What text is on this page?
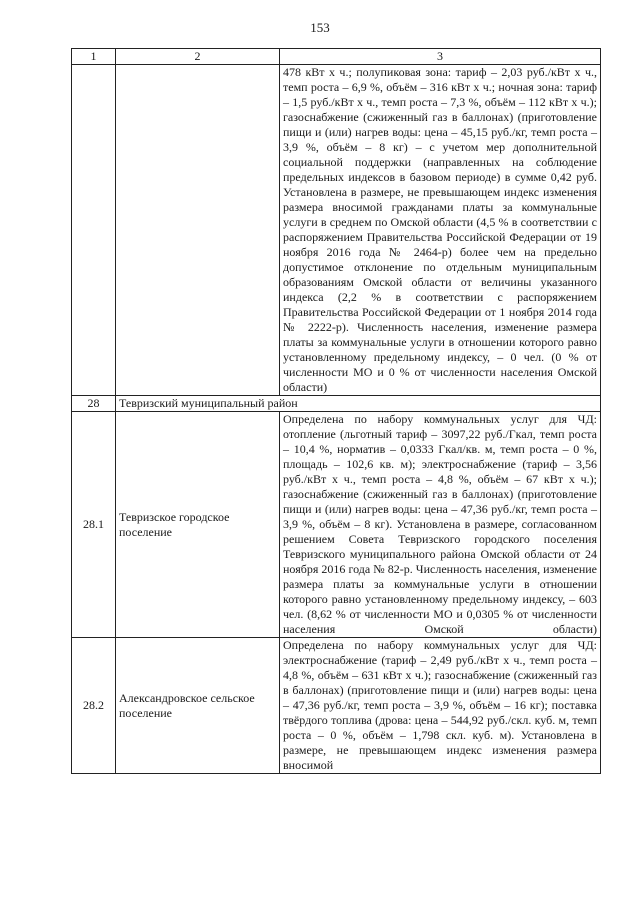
153
1	2	3
		478 кВт х ч.; полупиковая зона: тариф – 2,03 руб./кВт х ч., темп роста – 6,9 %, объём – 316 кВт х ч.; ночная зона: тариф – 1,5 руб./кВт х ч., темп роста – 7,3 %, объём – 112 кВт х ч.); газоснабжение (сжиженный газ в баллонах) (приготовление пищи и (или) нагрев воды: цена – 45,15 руб./кг, темп роста – 3,9 %, объём – 8 кг) – с учетом мер дополнительной социальной поддержки (направленных на соблюдение предельных индексов в базовом периоде) в сумме 0,42 руб. Установлена в размере, не превышающем индекс изменения размера вносимой гражданами платы за коммунальные услуги в среднем по Омской области (4,5 % в соответствии с распоряжением Правительства Российской Федерации от 19 ноября 2016 года № 2464-р) более чем на предельно допустимое отклонение по отдельным муниципальным образованиям Омской области от величины указанного индекса (2,2 % в соответствии с распоряжением Правительства Российской Федерации от 1 ноября 2014 года № 2222-р). Численность населения, изменение размера платы за коммунальные услуги в отношении которого равно установленному предельному индексу, – 0 чел. (0 % от численности МО и 0 % от численности населения Омской области)
28	Тевризский муниципальный район	
28.1	Тевризское городское поселение	Определена по набору коммунальных услуг для ЧД: отопление (льготный тариф – 3097,22 руб./Гкал, темп роста – 10,4 %, норматив – 0,0333 Гкал/кв. м, темп роста – 0 %, площадь – 102,6 кв. м); электроснабжение (тариф – 3,56 руб./кВт х ч., темп роста – 4,8 %, объём – 67 кВт х ч.); газоснабжение (сжиженный газ в баллонах) (приготовление пищи и (или) нагрев воды: цена – 47,36 руб./кг, темп роста – 3,9 %, объём – 8 кг). Установлена в размере, согласованном решением Совета Тевризского городского поселения Тевризского муниципального района Омской области от 24 ноября 2016 года № 82-р. Численность населения, изменение размера платы за коммунальные услуги в отношении которого равно установленному предельному индексу, – 603 чел. (8,62 % от численности МО и 0,0305 % от численности населения Омской области)
28.2	Александровское сельское поселение	Определена по набору коммунальных услуг для ЧД: электроснабжение (тариф – 2,49 руб./кВт х ч., темп роста – 4,8 %, объём – 631 кВт х ч.); газоснабжение (сжиженный газ в баллонах) (приготовление пищи и (или) нагрев воды: цена – 47,36 руб./кг, темп роста – 3,9 %, объём – 16 кг); поставка твёрдого топлива (дрова: цена – 544,92 руб./скл. куб. м, темп роста – 0 %, объём – 1,798 скл. куб. м). Установлена в размере, не превышающем индекс изменения размера вносимой
